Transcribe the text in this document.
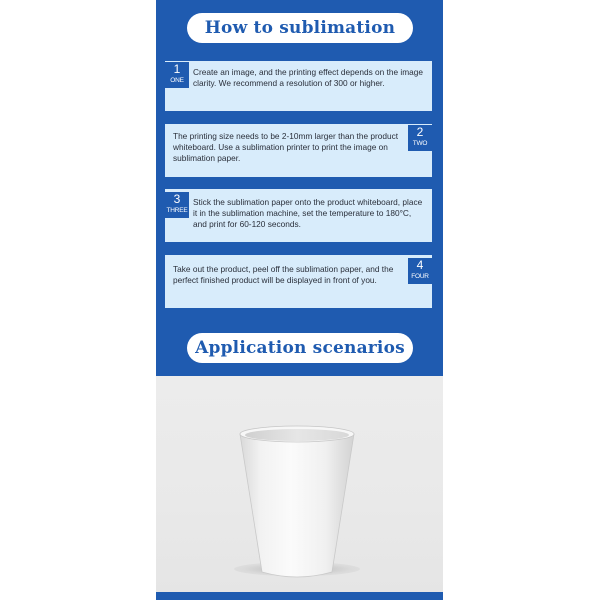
How to sublimation
1
ONE
Create an image, and the printing effect depends on the image clarity. We recommend a resolution of 300 or higher.
The printing size needs to be 2-10mm larger than the product whiteboard. Use a sublimation printer to print the image on sublimation paper.
2
TWO
3
THREE
Stick the sublimation paper onto the product whiteboard, place it in the sublimation machine, set the temperature to 180°C, and print for 60-120 seconds.
Take out the product, peel off the sublimation paper, and the perfect finished product will be displayed in front of you.
4
FOUR
Application scenarios
